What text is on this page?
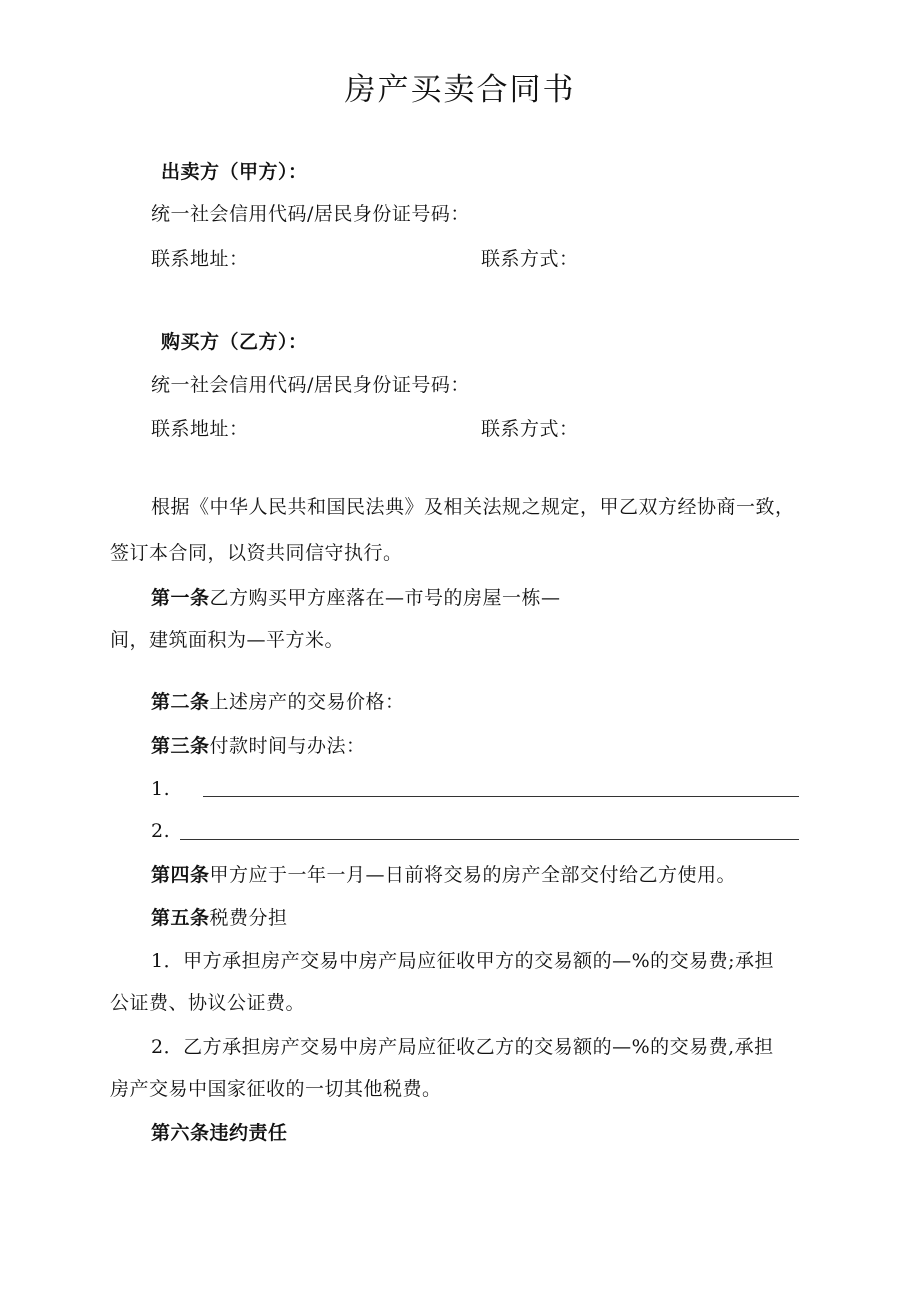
房产买卖合同书
出卖方（甲方）：
统一社会信用代码/居民身份证号码：
联系地址：	联系方式：
购买方（乙方）：
统一社会信用代码/居民身份证号码：
联系地址：	联系方式：
根据《中华人民共和国民法典》及相关法规之规定，甲乙双方经协商一致，
签订本合同，以资共同信守执行。
第一条乙方购买甲方座落在—市号的房屋一栋—
间，建筑面积为—平方米。
第二条上述房产的交易价格：
第三条付款时间与办法：
1.
2.
第四条甲方应于一年一月—日前将交易的房产全部交付给乙方使用。
第五条税费分担
1．甲方承担房产交易中房产局应征收甲方的交易额的—%的交易费;承担
公证费、协议公证费。
2．乙方承担房产交易中房产局应征收乙方的交易额的—%的交易费,承担
房产交易中国家征收的一切其他税费。
第六条违约责任
